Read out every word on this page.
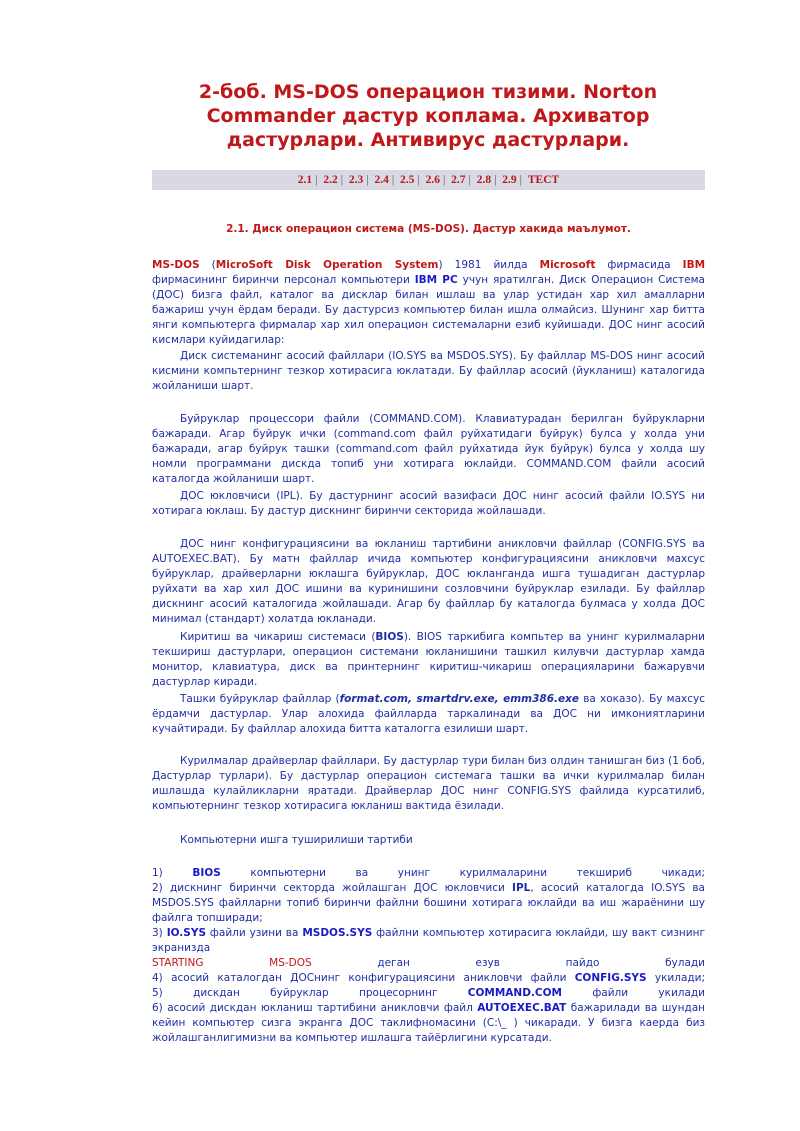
2-боб. MS-DOS операцион тизими. Norton Commander дастур коплама. Архиватор дастурлари. Антивирус дастурлари.
2.1 | 2.2 | 2.3 | 2.4 | 2.5 | 2.6 | 2.7 | 2.8 | 2.9 | ТЕСТ
2.1. Диск операцион система (MS-DOS). Дастур хакида маълумот.

MS-DOS (MicroSoft Disk Operation System) 1981 йилда Microsoft фирмасида IBM фирмасининг биринчи персонал компьютери IBM PC учун яратилган. Диск Операцион Система (ДОС) бизга файл, каталог ва дисклар билан ишлаш ва улар устидан хар хил амалларни бажариш учун ёрдам беради. Бу дастурсиз компьютер билан ишла олмайсиз. Шунинг хар битта янги компьютерга фирмалар хар хил операцион системаларни езиб куйишади. ДОС нинг асосий кисмлари куйидагилар:

Диск системанинг асосий файллари (IO.SYS ва MSDOS.SYS). Бу файллар MS-DOS нинг асосий кисмини компьтернинг тезкор хотирасига юклатади. Бу файллар асосий (йукланиш) каталогида жойланиши шарт.

Буйруклар процессори файли (COMMAND.COM). Клавиатурадан берилган буйрукларни бажаради. Агар буйрук ички (command.com файл руйхатидаги буйрук) булса у холда уни бажаради, агар буйрук ташки (command.com файл руйхатида йук буйрук) булса у холда шу номли программани дискда топиб уни хотирага юклайди. COMMAND.COM файли асосий каталогда жойланиши шарт.

ДОС юкловчиси (IPL). Бу дастурнинг асосий вазифаси ДОС нинг асосий файли IO.SYS ни хотирага юклаш. Бу дастур дискнинг биринчи секторида жойлашади.

ДОС нинг конфигурациясини ва юкланиш тартибини аникловчи файллар (CONFIG.SYS ва AUTOEXEC.BAT). Бу матн файллар ичида компьютер конфигурациясини аникловчи махсус буйруклар, драйверларни юклашга буйруклар, ДОС юкланганда ишга тушадиган дастурлар руйхати ва хар хил ДОС ишини ва куринишини созловчини буйруклар езилади. Бу файллар дискнинг асосий каталогида жойлашади. Агар бу файллар бу каталогда булмаса у холда ДОС минимал (стандарт) холатда юкланади.

Киритиш ва чикариш системаси (BIOS). BIOS таркибига компьтер ва унинг курилмаларни текшириш дастурлари, операцион системани юкланишини ташкил килувчи дастурлар хамда монитор, клавиатура, диск ва принтернинг киритиш-чикариш операцияларини бажарувчи дастурлар киради.

Ташки буйруклар файллар (format.com, smartdrv.exe, emm386.exe ва хоказо). Бу махсус ёрдамчи дастурлар. Улар алохида файлларда таркалинади ва ДОС ни имкониятларини кучайтиради. Бу файллар алохида битта каталогга езилиши шарт.

Курилмалар драйверлар файллари. Бу дастурлар тури билан биз олдин танишган биз (1 боб, Дастурлар турлари). Бу дастурлар операцион системага ташки ва ички курилмалар билан ишлашда кулайликларни яратади. Драйверлар ДОС нинг CONFIG.SYS файлида курсатилиб, компьютернинг тезкор хотирасига юкланиш вактида ёзилади.

Компьютерни ишга туширилиши тартиби

1)	BIOS	компьютерни ва унинг курилмаларини текшириб чикади;
2) дискнинг биринчи секторда жойлашган ДОС юкловчиси IPL, асосий каталогда IO.SYS ва MSDOS.SYS файлларни топиб биринчи файлни бошини хотирага юклайди ва иш жараёнини шу файлга топширади;
3) IO.SYS файли узини ва MSDOS.SYS файлни компьютер хотирасига юклайди, шу вакт сизнинг экранизда
STARTING	MS-DOS	деган езув пайдо булади
4) асосий каталогдан ДОСнинг конфигурациясини аникловчи файли CONFIG.SYS укилади;
5)	дискдан	буйруклар	процесорнинг	COMMAND.COM	файли	укилади
6) асосий дискдан юкланиш тартибини аникловчи файл AUTOEXEC.BAT бажарилади ва шундан кейин компьютер сизга экранга ДОС таклифномасини (C:\_ ) чикаради. У бизга каерда биз жойлашганлигимизни ва компьютер ишлашга тайёрлигини курсатади.
